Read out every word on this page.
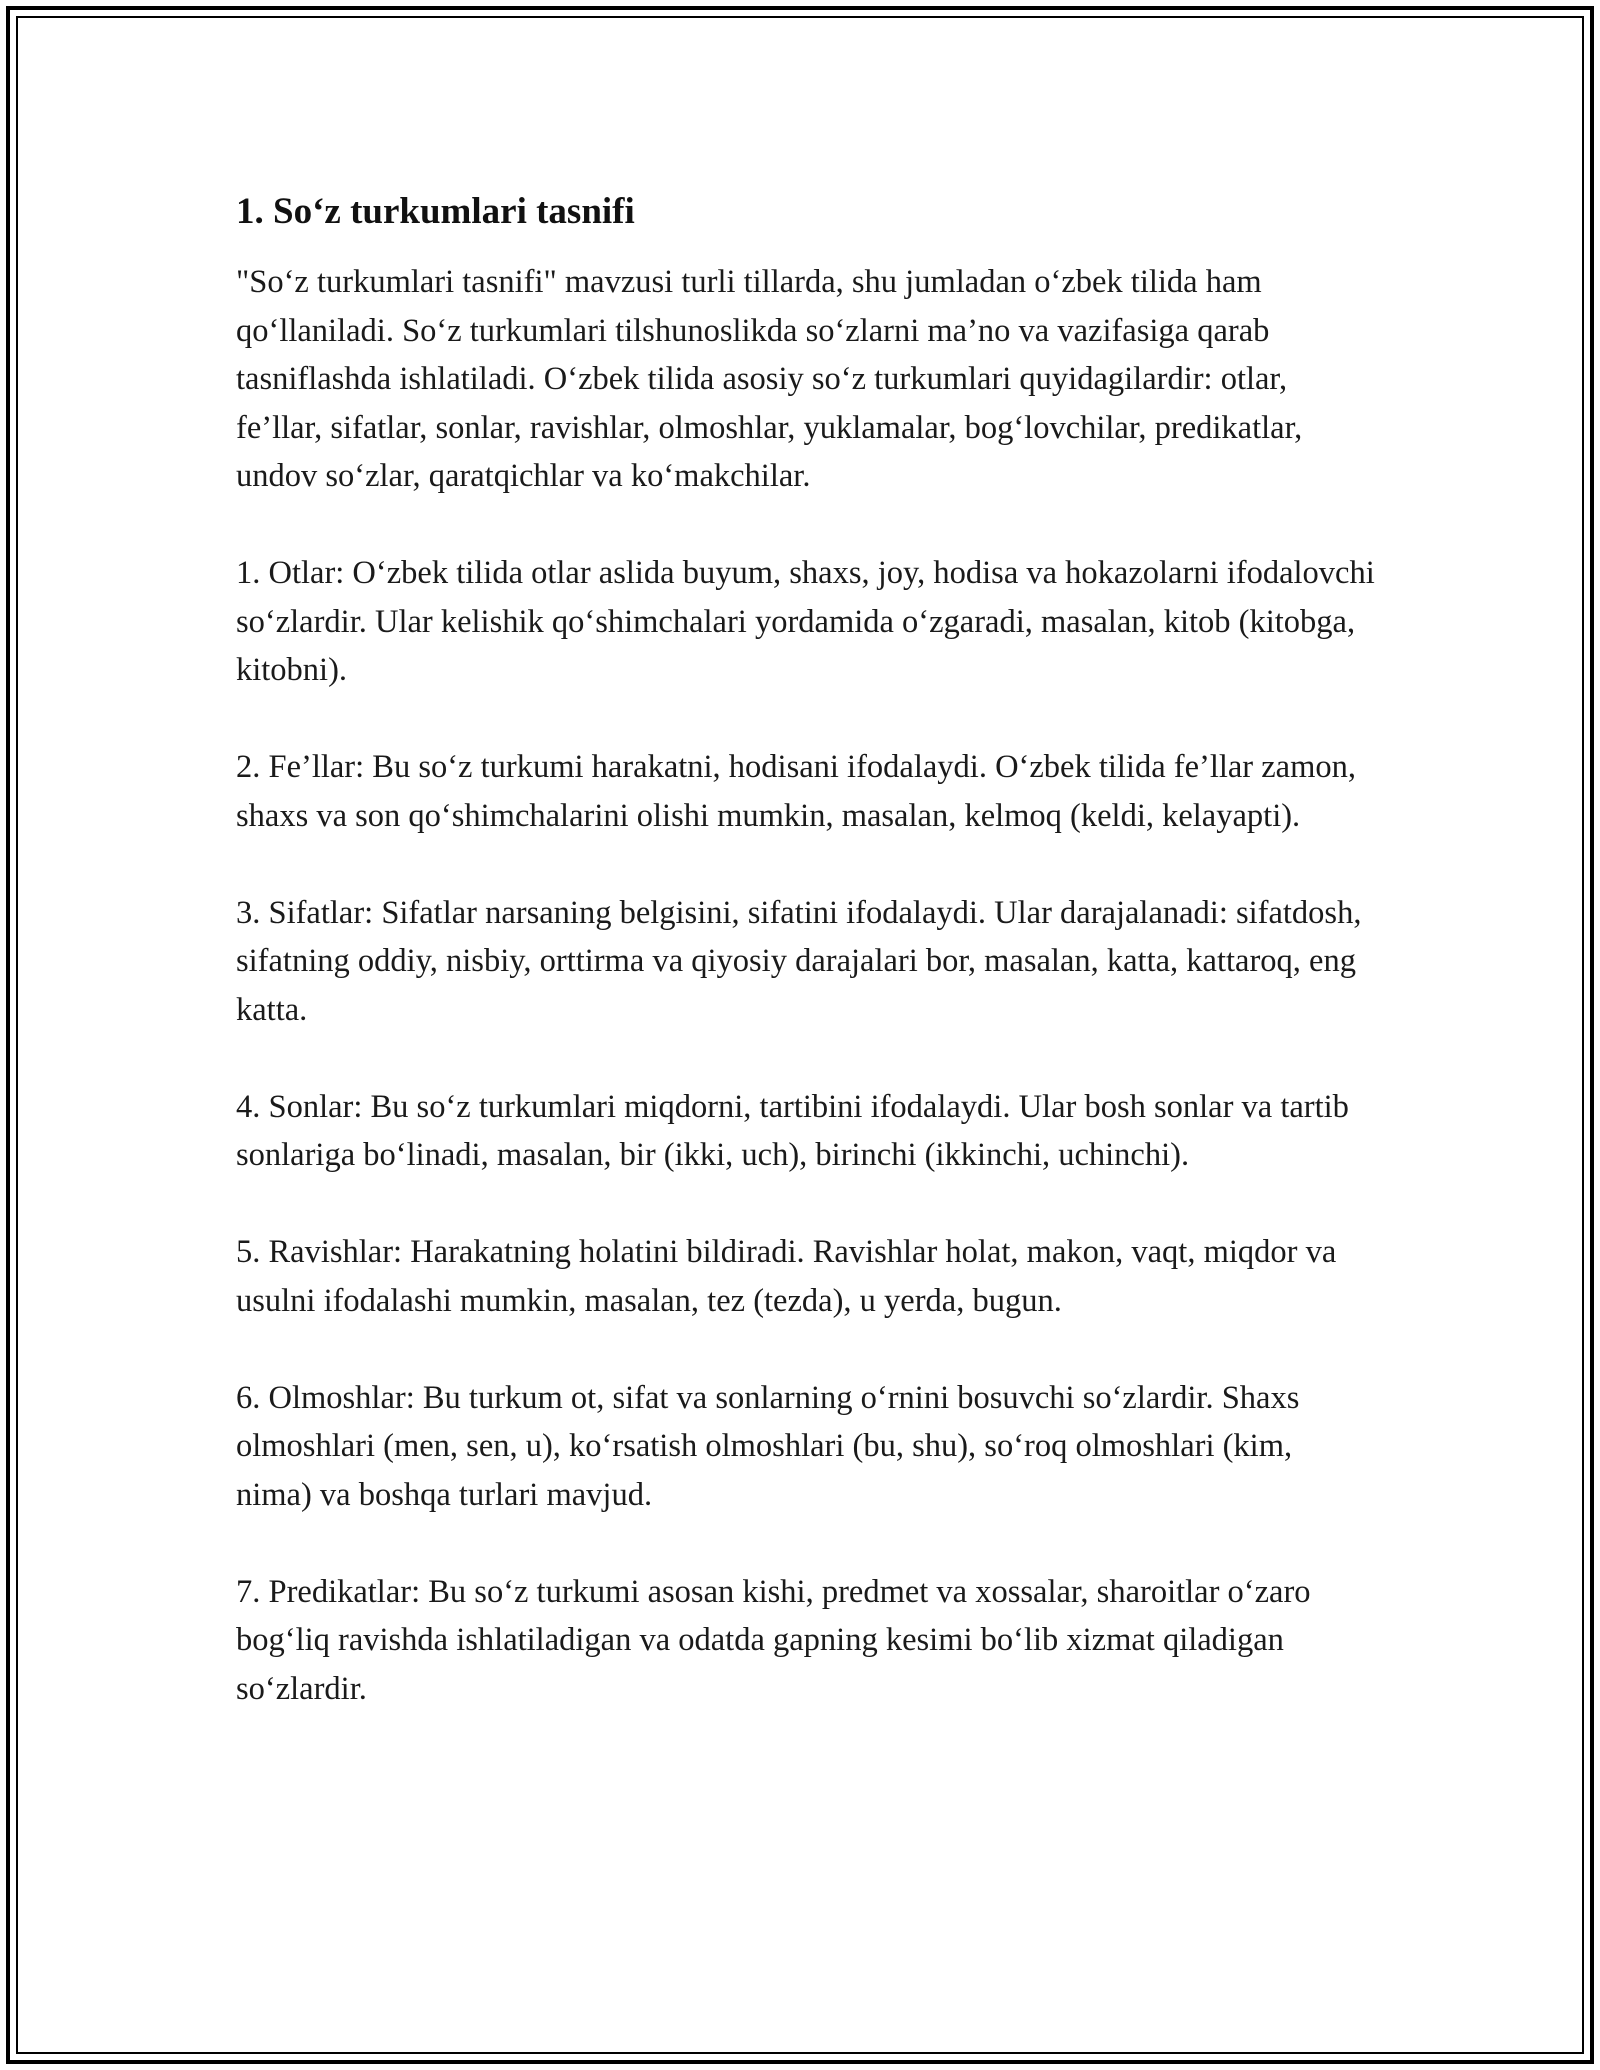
1. So‘z turkumlari tasnifi

"So‘z turkumlari tasnifi" mavzusi turli tillarda, shu jumladan o‘zbek tilida ham qo‘llaniladi. So‘z turkumlari tilshunoslikda so‘zlarni ma’no va vazifasiga qarab tasniflashda ishlatiladi. O‘zbek tilida asosiy so‘z turkumlari quyidagilardir: otlar, fe’llar, sifatlar, sonlar, ravishlar, olmoshlar, yuklamalar, bog‘lovchilar, predikatlar, undov so‘zlar, qaratqichlar va ko‘makchilar.

1. Otlar: O‘zbek tilida otlar aslida buyum, shaxs, joy, hodisa va hokazolarni ifodalovchi so‘zlardir. Ular kelishik qo‘shimchalari yordamida o‘zgaradi, masalan, kitob (kitobga, kitobni).

2. Fe’llar: Bu so‘z turkumi harakatni, hodisani ifodalaydi. O‘zbek tilida fe’llar zamon, shaxs va son qo‘shimchalarini olishi mumkin, masalan, kelmoq (keldi, kelayapti).

3. Sifatlar: Sifatlar narsaning belgisini, sifatini ifodalaydi. Ular darajalanadi: sifatdosh, sifatning oddiy, nisbiy, orttirma va qiyosiy darajalari bor, masalan, katta, kattaroq, eng katta.

4. Sonlar: Bu so‘z turkumlari miqdorni, tartibini ifodalaydi. Ular bosh sonlar va tartib sonlariga bo‘linadi, masalan, bir (ikki, uch), birinchi (ikkinchi, uchinchi).

5. Ravishlar: Harakatning holatini bildiradi. Ravishlar holat, makon, vaqt, miqdor va usulni ifodalashi mumkin, masalan, tez (tezda), u yerda, bugun.

6. Olmoshlar: Bu turkum ot, sifat va sonlarning o‘rnini bosuvchi so‘zlardir. Shaxs olmoshlari (men, sen, u), ko‘rsatish olmoshlari (bu, shu), so‘roq olmoshlari (kim, nima) va boshqa turlari mavjud.

7. Predikatlar: Bu so‘z turkumi asosan kishi, predmet va xossalar, sharoitlar o‘zaro bog‘liq ravishda ishlatiladigan va odatda gapning kesimi bo‘lib xizmat qiladigan so‘zlardir.
